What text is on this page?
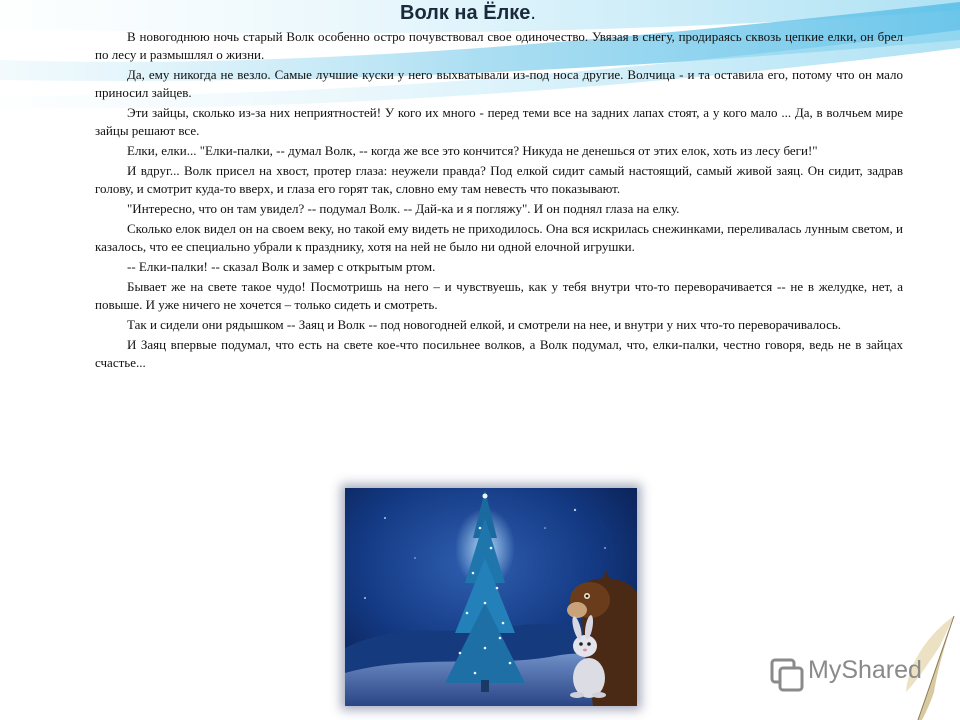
Волк на Ёлке.

В новогоднюю ночь старый Волк особенно остро почувствовал свое одиночество. Увязая в снегу, продираясь сквозь цепкие елки, он брел по лесу и размышлял о жизни.

Да, ему никогда не везло. Самые лучшие куски у него выхватывали из-под носа другие. Волчица - и та оставила его, потому что он мало приносил зайцев.

Эти зайцы, сколько из-за них неприятностей! У кого их много - перед теми все на задних лапах стоят, а у кого мало ... Да, в волчьем мире зайцы решают все.

Елки, елки... "Елки-палки, -- думал Волк, -- когда же все это кончится? Никуда не денешься от этих елок, хоть из лесу беги!"

И вдруг... Волк присел на хвост, протер глаза: неужели правда? Под елкой сидит самый настоящий, самый живой заяц. Он сидит, задрав голову, и смотрит куда-то вверх, и глаза его горят так, словно ему там невесть что показывают.

"Интересно, что он там увидел? -- подумал Волк. -- Дай-ка и я погляжу". И он поднял глаза на елку.

Сколько елок видел он на своем веку, но такой ему видеть не приходилось. Она вся искрилась снежинками, переливалась лунным светом, и казалось, что ее специально убрали к празднику, хотя на ней не было ни одной елочной игрушки.

-- Елки-палки! -- сказал Волк и замер с открытым ртом.

Бывает же на свете такое чудо! Посмотришь на него – и чувствуешь, как у тебя внутри что-то переворачивается -- не в желудке, нет, а повыше. И уже ничего не хочется – только сидеть и смотреть.

Так и сидели они рядышком -- Заяц и Волк -- под новогодней елкой, и смотрели на нее, и внутри у них что-то переворачивалось.

И Заяц впервые подумал, что есть на свете кое-что посильнее волков, а Волк подумал, что, елки-палки, честно говоря, ведь не в зайцах счастье...

MyShared
